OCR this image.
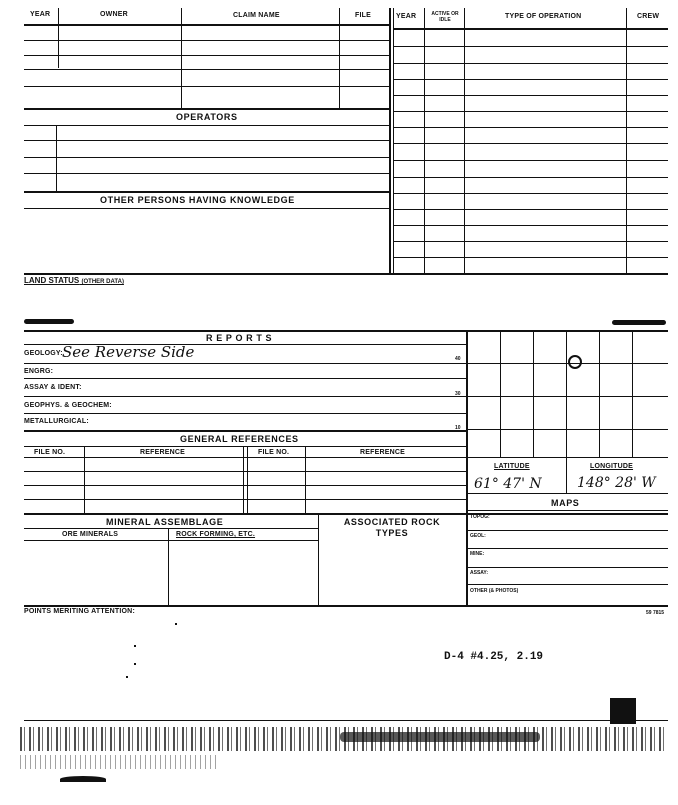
YEAR	OWNER	CLAIM NAME	FILE	YEAR	ACTIVE OR IDLE	TYPE OF OPERATION	CREW
OPERATORS
OTHER PERSONS HAVING KNOWLEDGE
LAND STATUS (OTHER DATA)
R E P O R T S
GEOLOGY: See Reverse Side
ENGRG:
40
ASSAY & IDENT:
30
GEOPHYS. & GEOCHEM:
METALLURGICAL:
10
GENERAL REFERENCES
FILE NO.	REFERENCE	FILE NO.	REFERENCE
LATITUDE	LONGITUDE
61° 47' N	148° 28' W
MAPS
TOPOG:
GEOL:
MINE:
ASSAY:
OTHER (& PHOTOS)
MINERAL ASSEMBLAGE	ASSOCIATED ROCK TYPES
ORE MINERALS	ROCK FORMING, ETC.
POINTS MERITING ATTENTION:	59 7815
D-4 #4.25, 2.19
